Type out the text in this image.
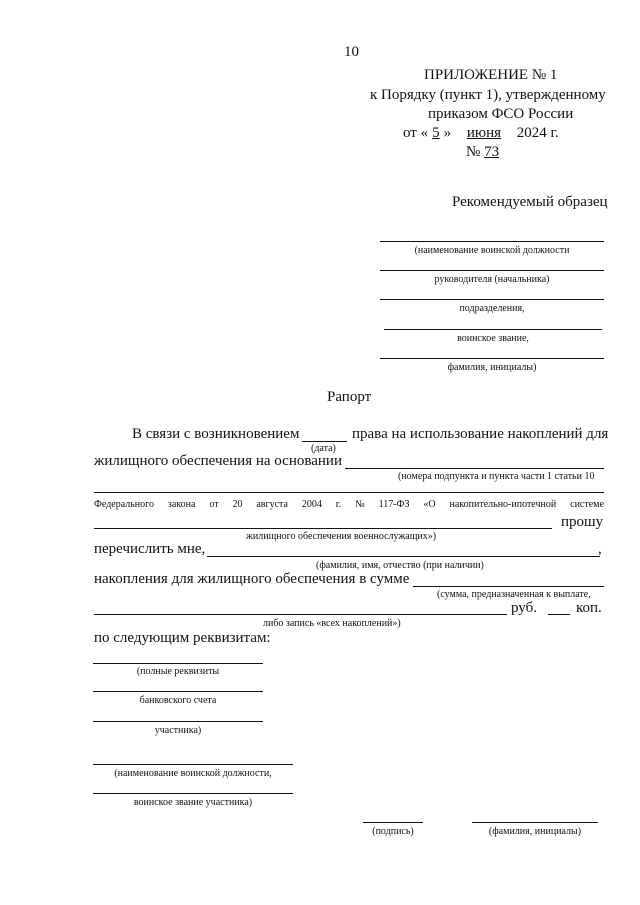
10
ПРИЛОЖЕНИЕ № 1
к Порядку (пункт 1), утвержденному
приказом ФСО России
от « 5 » июня 2024 г.
№ 73
Рекомендуемый образец
(наименование воинской должности
руководителя (начальника)
подразделения,
воинское звание,
фамилия, инициалы)
Рапорт
В связи с возникновением	права на использование накоплений для
(дата)
жилищного обеспечения на основании
(номера подпункта и пункта части 1 статьи 10
Федерального закона от 20 августа 2004 г. № 117-ФЗ «О накопительно-ипотечной системе
прошу
жилищного обеспечения военнослужащих»)
перечислить мне,	,
(фамилия, имя, отчество (при наличии)
накопления для жилищного обеспечения в сумме
(сумма, предназначенная к выплате,
руб.	коп.
либо запись «всех накоплений»)
по следующим реквизитам:
(полные реквизиты
банковского счета
участника)
(наименование воинской должности,
воинское звание участника)
(подпись)	(фамилия, инициалы)
